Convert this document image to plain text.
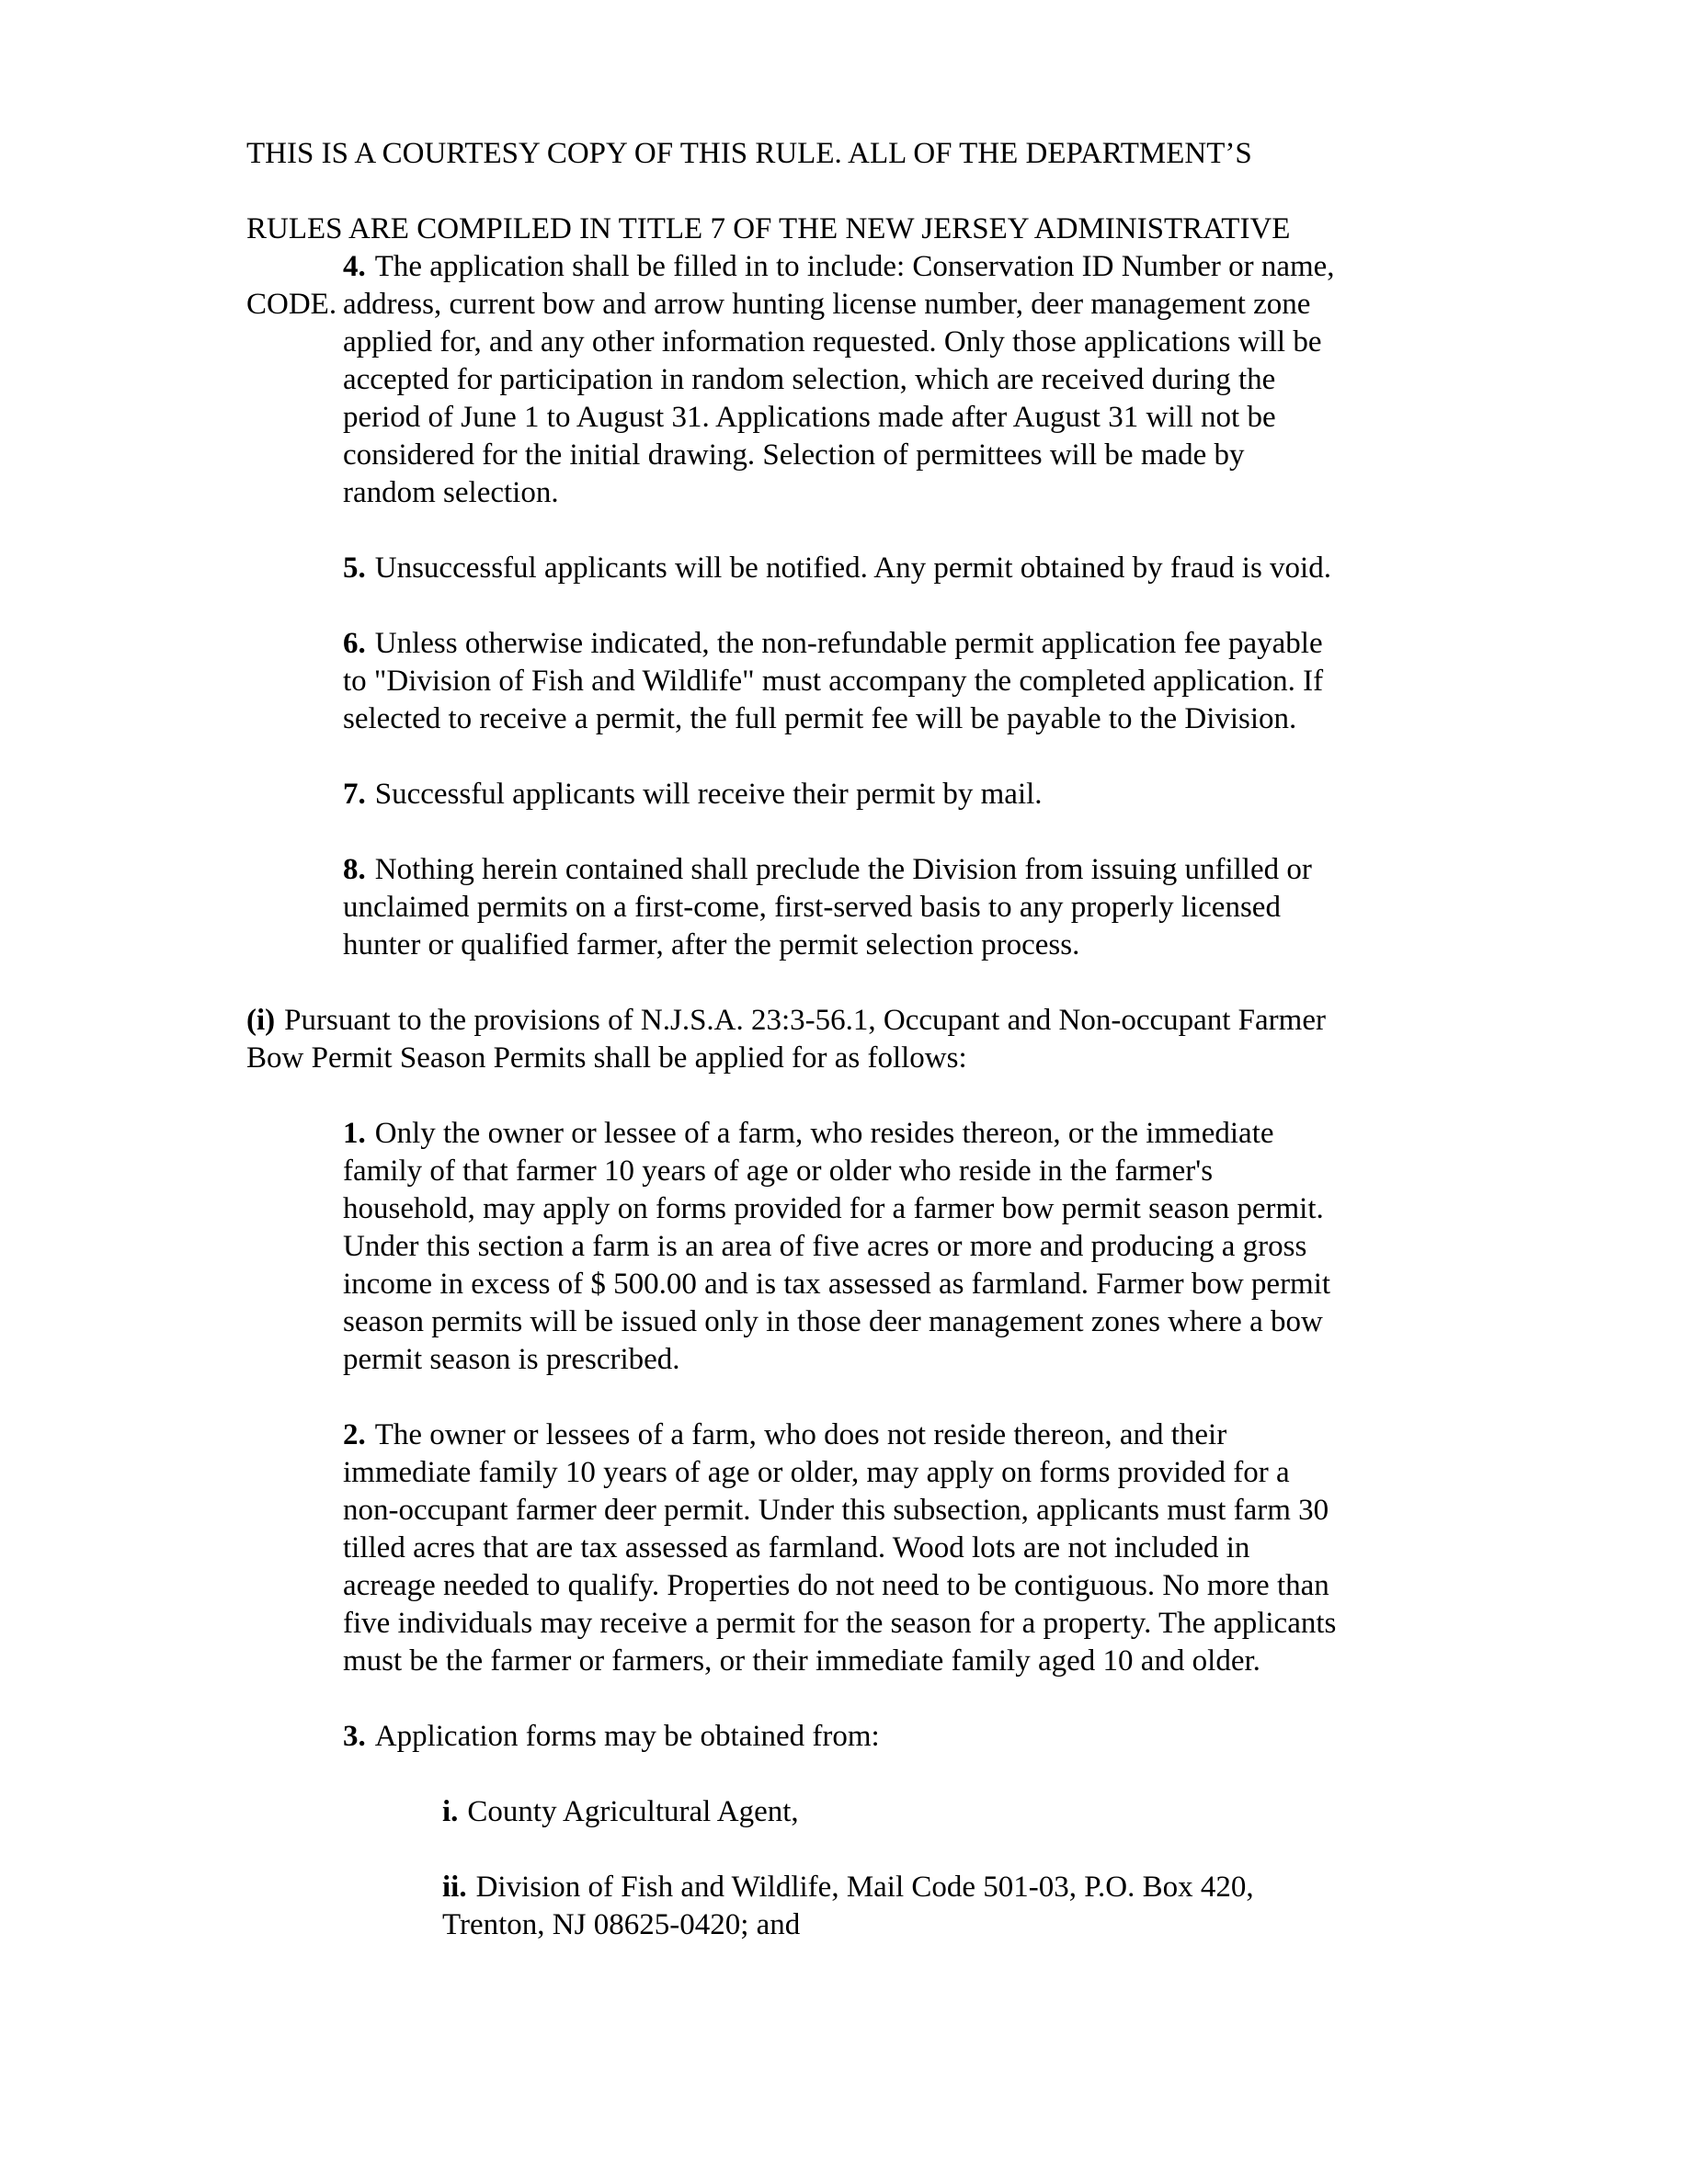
THIS IS A COURTESY COPY OF THIS RULE. ALL OF THE DEPARTMENT’S

RULES ARE COMPILED IN TITLE 7 OF THE NEW JERSEY ADMINISTRATIVE

CODE.

4. The application shall be filled in to include: Conservation ID Number or name,
address, current bow and arrow hunting license number, deer management zone
applied for, and any other information requested. Only those applications will be
accepted for participation in random selection, which are received during the
period of June 1 to August 31. Applications made after August 31 will not be
considered for the initial drawing. Selection of permittees will be made by
random selection.
5. Unsuccessful applicants will be notified. Any permit obtained by fraud is void.
6. Unless otherwise indicated, the non-refundable permit application fee payable
to "Division of Fish and Wildlife" must accompany the completed application. If
selected to receive a permit, the full permit fee will be payable to the Division.
7. Successful applicants will receive their permit by mail.
8. Nothing herein contained shall preclude the Division from issuing unfilled or
unclaimed permits on a first-come, first-served basis to any properly licensed
hunter or qualified farmer, after the permit selection process.
(i) Pursuant to the provisions of N.J.S.A. 23:3-56.1, Occupant and Non-occupant Farmer
Bow Permit Season Permits shall be applied for as follows:
1. Only the owner or lessee of a farm, who resides thereon, or the immediate
family of that farmer 10 years of age or older who reside in the farmer's
household, may apply on forms provided for a farmer bow permit season permit.
Under this section a farm is an area of five acres or more and producing a gross
income in excess of $ 500.00 and is tax assessed as farmland. Farmer bow permit
season permits will be issued only in those deer management zones where a bow
permit season is prescribed.
2. The owner or lessees of a farm, who does not reside thereon, and their
immediate family 10 years of age or older, may apply on forms provided for a
non-occupant farmer deer permit. Under this subsection, applicants must farm 30
tilled acres that are tax assessed as farmland. Wood lots are not included in
acreage needed to qualify. Properties do not need to be contiguous. No more than
five individuals may receive a permit for the season for a property. The applicants
must be the farmer or farmers, or their immediate family aged 10 and older.
3. Application forms may be obtained from:
i. County Agricultural Agent,
ii. Division of Fish and Wildlife, Mail Code 501-03, P.O. Box 420,
Trenton, NJ 08625-0420; and
